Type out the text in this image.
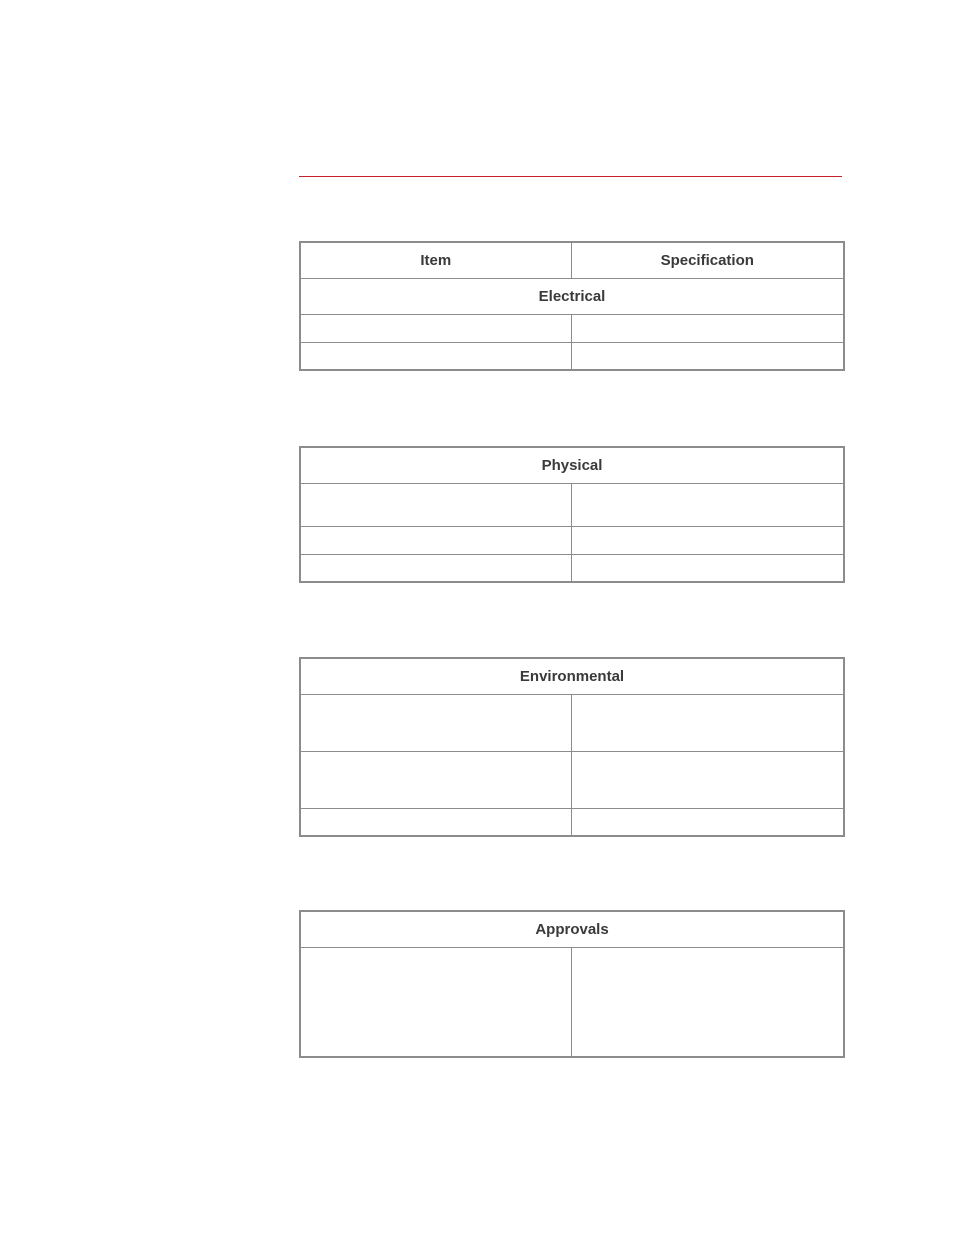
Item	Specification
Electrical	

Physical	

Environmental	

Approvals
